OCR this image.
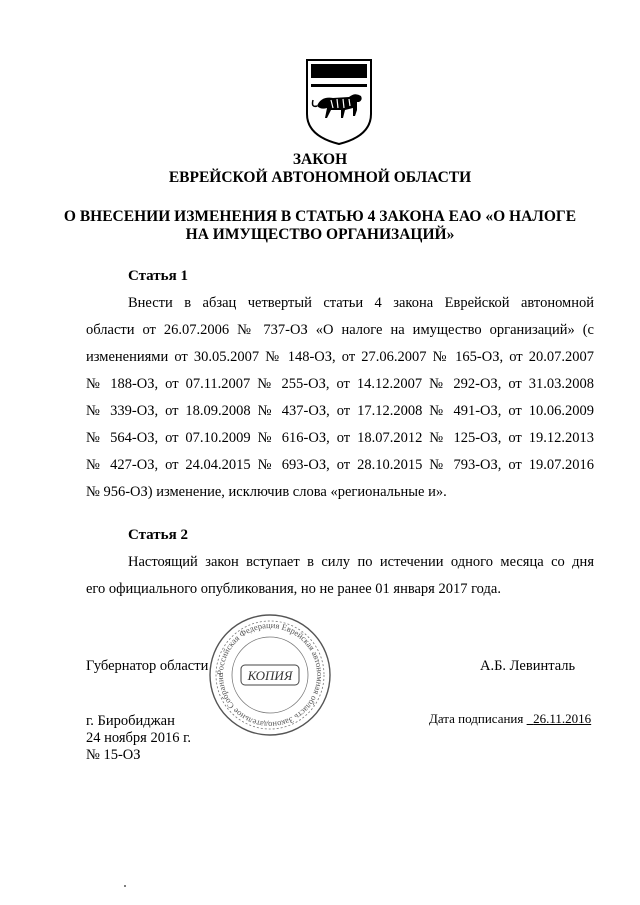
ЗАКОН
ЕВРЕЙСКОЙ АВТОНОМНОЙ ОБЛАСТИ
О ВНЕСЕНИИ ИЗМЕНЕНИЯ В СТАТЬЮ 4 ЗАКОНА ЕАО «О НАЛОГЕ
НА ИМУЩЕСТВО ОРГАНИЗАЦИЙ»
Статья 1
Внести в абзац четвертый статьи 4 закона Еврейской автономной
области от 26.07.2006 № 737-ОЗ «О налоге на имущество организаций» (с
изменениями от 30.05.2007 № 148-ОЗ, от 27.06.2007 № 165-ОЗ, от 20.07.2007
№ 188-ОЗ, от 07.11.2007 № 255-ОЗ, от 14.12.2007 № 292-ОЗ, от 31.03.2008
№ 339-ОЗ, от 18.09.2008 № 437-ОЗ, от 17.12.2008 № 491-ОЗ, от 10.06.2009
№ 564-ОЗ, от 07.10.2009 № 616-ОЗ, от 18.07.2012 № 125-ОЗ, от 19.12.2013
№ 427-ОЗ, от 24.04.2015 № 693-ОЗ, от 28.10.2015 № 793-ОЗ, от 19.07.2016
№ 956-ОЗ) изменение, исключив слова «региональные и».
Статья 2
Настоящий закон вступает в силу по истечении одного месяца со дня
его официального опубликования, но не ранее 01 января 2017 года.
Губернатор области	А.Б. Левинталь
г. Биробиджан
24 ноября 2016 г.
№ 15-ОЗ
Дата подписания 26.11.2016
Российская Федерация Еврейская автономная область Законодательное Собрание	КОПИЯ
